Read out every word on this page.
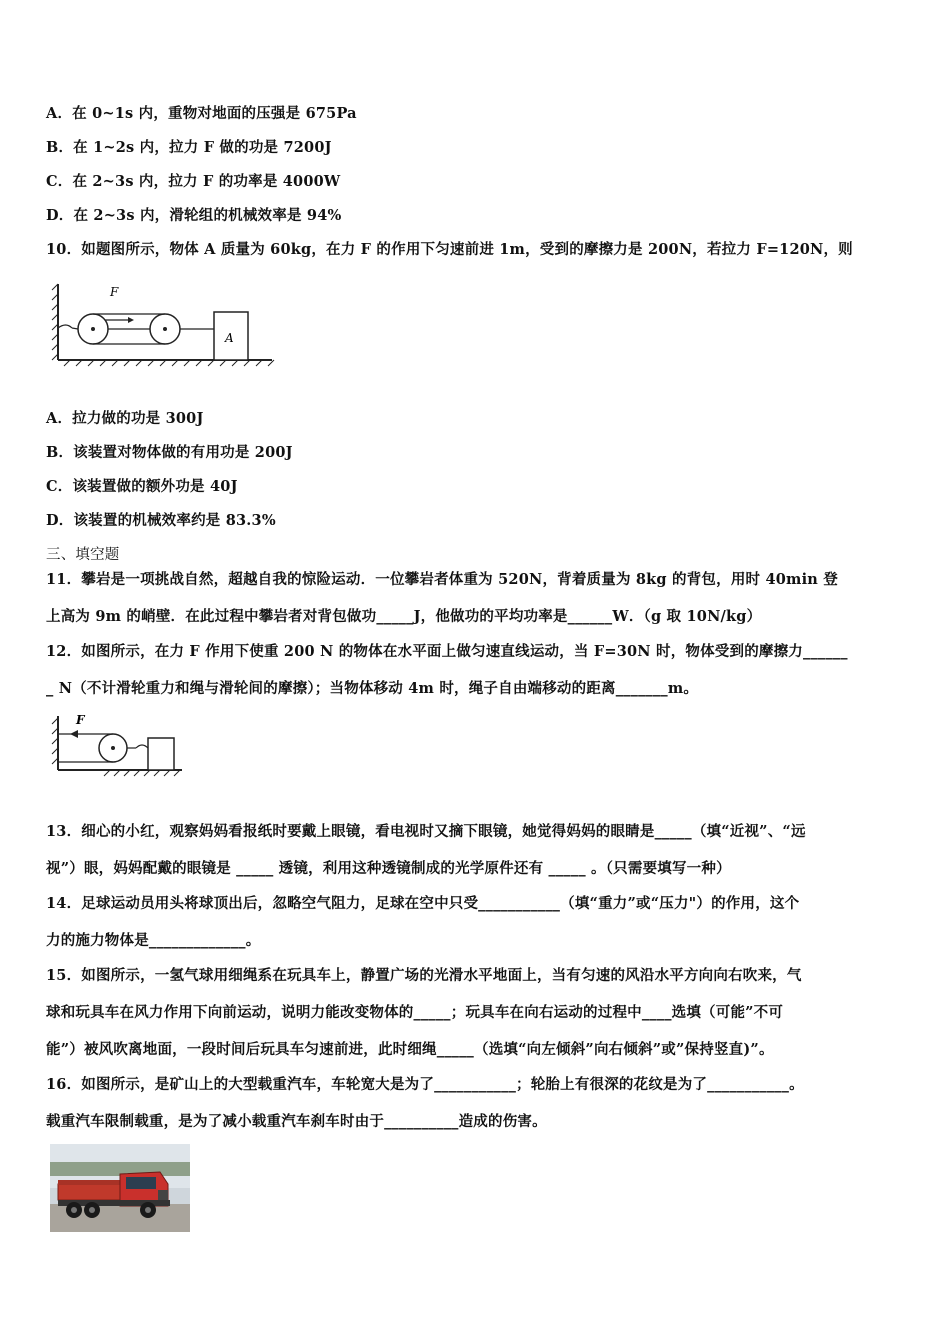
A．在 0~1s 内，重物对地面的压强是 675Pa
B．在 1~2s 内，拉力 F 做的功是 7200J
C．在 2~3s 内，拉力 F 的功率是 4000W
D．在 2~3s 内，滑轮组的机械效率是 94%
10．如题图所示，物体 A 质量为 60kg，在力 F 的作用下匀速前进 1m，受到的摩擦力是 200N，若拉力 F=120N，则
F
A
A．拉力做的功是 300J
B．该装置对物体做的有用功是 200J
C．该装置做的额外功是 40J
D．该装置的机械效率约是 83.3%
三、填空题
11．攀岩是一项挑战自然，超越自我的惊险运动．一位攀岩者体重为 520N，背着质量为 8kg 的背包，用时 40min 登
上高为 9m 的峭壁．在此过程中攀岩者对背包做功_____J，他做功的平均功率是______W．（g 取 10N/kg）
12．如图所示，在力 F 作用下使重 200 N 的物体在水平面上做匀速直线运动，当 F=30N 时，物体受到的摩擦力______
_ N（不计滑轮重力和绳与滑轮间的摩擦）；当物体移动 4m 时，绳子自由端移动的距离_______m。
F
13．细心的小红，观察妈妈看报纸时要戴上眼镜，看电视时又摘下眼镜，她觉得妈妈的眼睛是_____（填“近视”、“远
视”）眼，妈妈配戴的眼镜是 _____ 透镜，利用这种透镜制成的光学原件还有 _____ 。（只需要填写一种）
14．足球运动员用头将球顶出后，忽略空气阻力，足球在空中只受___________（填“重力”或“压力"）的作用，这个
力的施力物体是_____________。
15．如图所示，一氢气球用细绳系在玩具车上，静置广场的光滑水平地面上，当有匀速的风沿水平方向向右吹来，气
球和玩具车在风力作用下向前运动，说明力能改变物体的_____；玩具车在向右运动的过程中____选填（可能”不可
能”）被风吹离地面，一段时间后玩具车匀速前进，此时细绳_____（选填“向左倾斜”向右倾斜”或”保持竖直)”。
16．如图所示，是矿山上的大型载重汽车，车轮宽大是为了___________；轮胎上有很深的花纹是为了___________。
载重汽车限制载重，是为了减小载重汽车刹车时由于__________造成的伤害。
